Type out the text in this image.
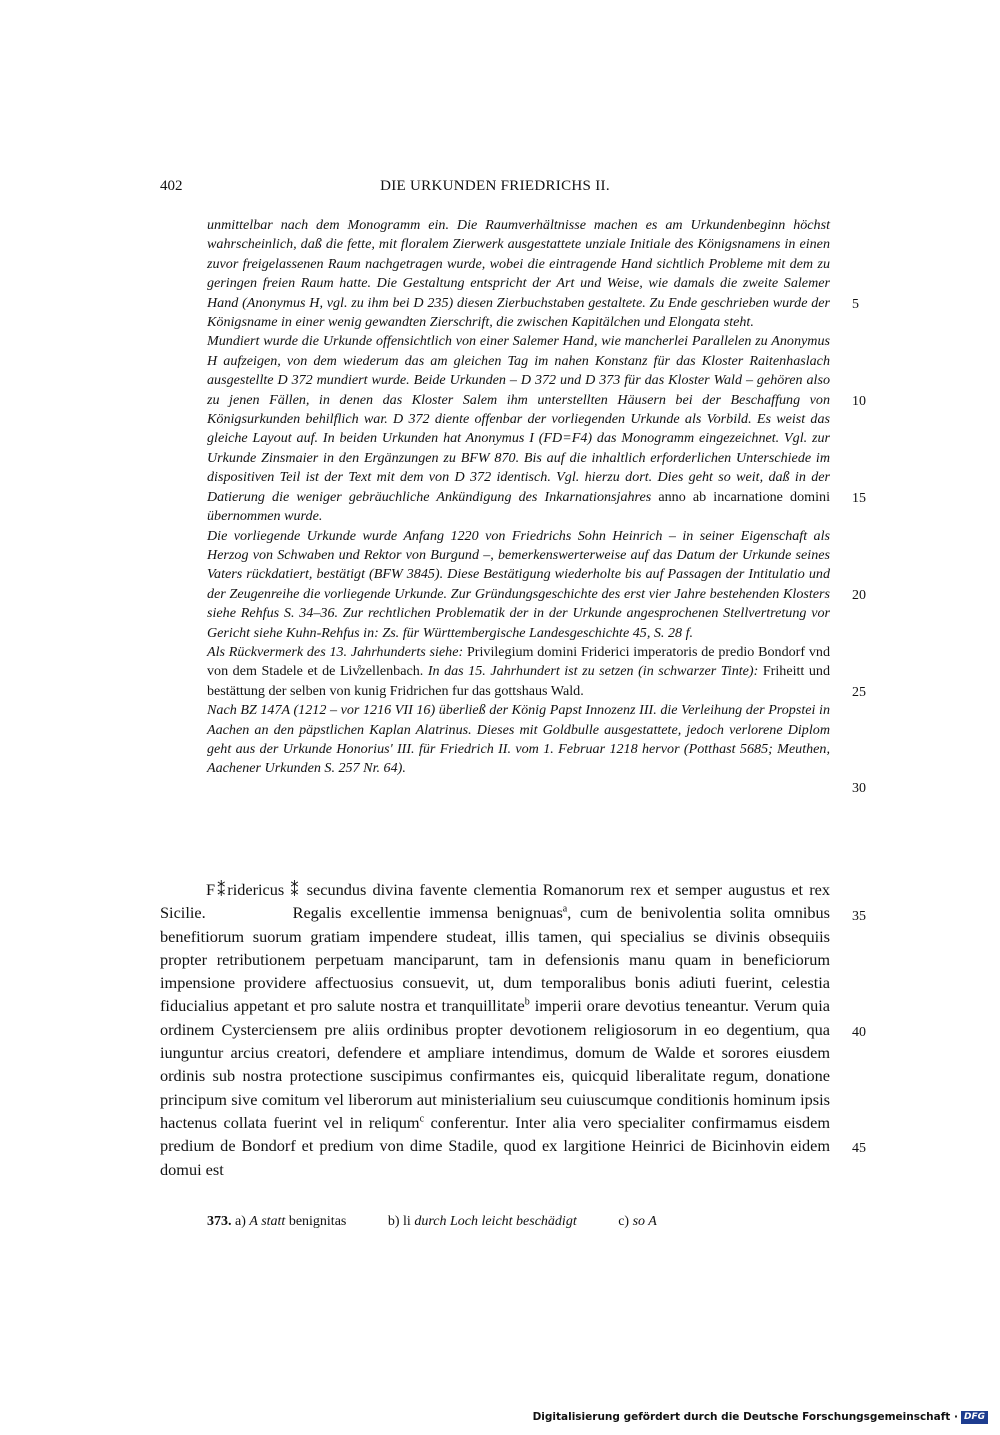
402	DIE URKUNDEN FRIEDRICHS II.

unmittelbar nach dem Monogramm ein. Die Raumverhältnisse machen es am Urkundenbeginn höchst wahrscheinlich, daß die fette, mit floralem Zierwerk ausgestattete unziale Initiale des Königsnamens in einen zuvor freigelassenen Raum nachgetragen wurde, wobei die eintragende Hand sichtlich Probleme mit dem zu geringen freien Raum hatte. Die Gestaltung entspricht der Art und Weise, wie damals die zweite Salemer Hand (Anonymus H, vgl. zu ihm bei D 235) diesen Zierbuchstaben gestaltete. Zu Ende geschrieben wurde der Königsname in einer wenig gewandten Zierschrift, die zwischen Kapitälchen und Elongata steht.

Mundiert wurde die Urkunde offensichtlich von einer Salemer Hand, wie mancherlei Parallelen zu Anonymus H aufzeigen, von dem wiederum das am gleichen Tag im nahen Konstanz für das Kloster Raitenhaslach ausgestellte D 372 mundiert wurde. Beide Urkunden – D 372 und D 373 für das Kloster Wald – gehören also zu jenen Fällen, in denen das Kloster Salem ihm unterstellten Häusern bei der Beschaffung von Königsurkunden behilflich war. D 372 diente offenbar der vorliegenden Urkunde als Vorbild. Es weist das gleiche Layout auf. In beiden Urkunden hat Anonymus I (FD=F4) das Monogramm eingezeichnet. Vgl. zur Urkunde Zinsmaier in den Ergänzungen zu BFW 870. Bis auf die inhaltlich erforderlichen Unterschiede im dispositiven Teil ist der Text mit dem von D 372 identisch. Vgl. hierzu dort. Dies geht so weit, daß in der Datierung die weniger gebräuchliche Ankündigung des Inkarnationsjahres anno ab incarnatione domini übernommen wurde.

Die vorliegende Urkunde wurde Anfang 1220 von Friedrichs Sohn Heinrich – in seiner Eigenschaft als Herzog von Schwaben und Rektor von Burgund –, bemerkenswerterweise auf das Datum der Urkunde seines Vaters rückdatiert, bestätigt (BFW 3845). Diese Bestätigung wiederholte bis auf Passagen der Intitulatio und der Zeugenreihe die vorliegende Urkunde. Zur Gründungsgeschichte des erst vier Jahre bestehenden Klosters siehe Rehfus S. 34–36. Zur rechtlichen Problematik der in der Urkunde angesprochenen Stellvertretung vor Gericht siehe Kuhn-Rehfus in: Zs. für Württembergische Landesgeschichte 45, S. 28 f.

Als Rückvermerk des 13. Jahrhunderts siehe: Privilegium domini Friderici imperatoris de predio Bondorf vnd von dem Stadele et de Liv̊zellenbach. In das 15. Jahrhundert ist zu setzen (in schwarzer Tinte): Friheitt und bestättung der selben von kunig Fridrichen fur das gottshaus Wald.

Nach BZ 147A (1212 – vor 1216 VII 16) überließ der König Papst Innozenz III. die Verleihung der Propstei in Aachen an den päpstlichen Kaplan Alatrinus. Dieses mit Goldbulle ausgestattete, jedoch verlorene Diplom geht aus der Urkunde Honorius' III. für Friedrich II. vom 1. Februar 1218 hervor (Potthast 5685; Meuthen, Aachener Urkunden S. 257 Nr. 64).

5
10
15
20
25
30
35
40
45

F⁑ridericus ⁑ secundus divina favente clementia Romanorum rex et semper augustus et rex Sicilie.	Regalis excellentie immensa benignuas$^a$, cum de benivolentia solita omnibus benefitiorum suorum gratiam impendere studeat, illis tamen, qui specialius se divinis obsequiis propter retributionem perpetuam manciparunt, tam in defensionis manu quam in beneficiorum impensione providere affectuosius consuevit, ut, dum temporalibus bonis adiuti fuerint, celestia fiducialius appetant et pro salute nostra et tranquillitate$^b$ imperii orare devotius teneantur. Verum quia ordinem Cysterciensem pre aliis ordinibus propter devotionem religiosorum in eo degentium, qua iunguntur arcius creatori, defendere et ampliare intendimus, domum de Walde et sorores eiusdem ordinis sub nostra protectione suscipimus confirmantes eis, quicquid liberalitate regum, donatione principum sive comitum vel liberorum aut ministerialium seu cuiuscumque conditionis hominum ipsis hactenus collata fuerint vel in reliqum$^c$ conferentur. Inter alia vero specialiter confirmamus eisdem predium de Bondorf et predium von dime Stadile, quod ex largitione Heinrici de Bicinhovin eidem domui est

373. a) A statt benignitas	b) li durch Loch leicht beschädigt	c) so A
Digitalisierung gefördert durch die Deutsche Forschungsgemeinschaft · DFG
